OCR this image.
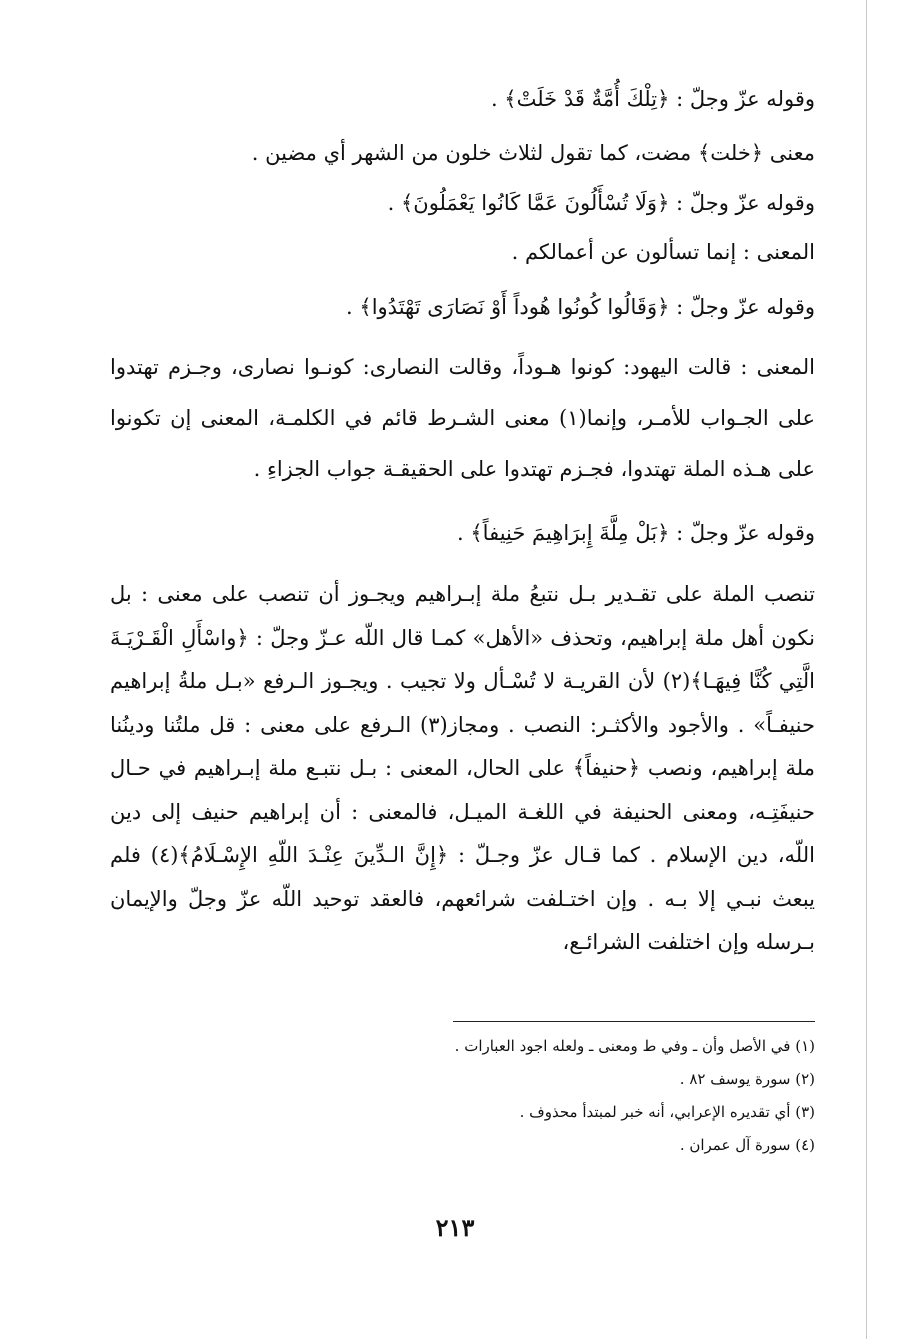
وقوله عزّ وجلّ : ﴿تِلْكَ أُمَّةٌ قَدْ خَلَتْ﴾ .
معنى ﴿خلت﴾ مضت، كما تقول لثلاث خلون من الشهر أي مضين .
وقوله عزّ وجلّ : ﴿وَلَا تُسْأَلُونَ عَمَّا كَانُوا يَعْمَلُونَ﴾ .
المعنى : إنما تسألون عن أعمالكم .
وقوله عزّ وجلّ : ﴿وَقَالُوا كُونُوا هُوداً أَوْ نَصَارَى تَهْتَدُوا﴾ .

المعنى : قالت اليهود: كونوا هـوداً، وقالت النصارى: كونـوا نصارى، وجـزم تهتدوا على الجـواب للأمـر، وإنما(١) معنى الشـرط قائم في الكلمـة، المعنى إن تكونوا على هـذه الملة تهتدوا، فجـزم تهتدوا على الحقيقـة جواب الجزاءِ .

وقوله عزّ وجلّ : ﴿بَلْ مِلَّةَ إِبرَاهِيمَ حَنِيفاً﴾ .

تنصب الملة على تقـدير بـل نتبعُ ملة إبـراهيم ويجـوز أن تنصب على معنى : بل نكون أهل ملة إبراهيم، وتحذف «الأهل» كمـا قال اللّه عـزّ وجلّ : ﴿واسْأَلِ الْقَـرْيَـةَ الَّتِي كُنَّا فِيهَـا﴾(٢) لأن القريـة لا تُسْـأل ولا تجيب . ويجـوز الـرفع «بـل ملةُ إبراهيم حنيفـاً» . والأجود والأكثـر: النصب . ومجاز(٣) الـرفع على معنى : قل ملتُنا ودينُنا ملة إبراهيم، ونصب ﴿حنيفاً﴾ على الحال، المعنى : بـل نتبـع ملة إبـراهيم في حـال حنيفَتِـه، ومعنى الحنيفة في اللغـة الميـل، فالمعنى : أن إبراهيم حنيف إلى دين اللّه، دين الإسلام . كما قـال عزّ وجـلّ : ﴿إِنَّ الـدِّينَ عِنْـدَ اللّهِ الإِسْـلَامُ﴾(٤) فلم يبعث نبـي إلا بـه . وإن اختـلفت شرائعهم، فالعقد توحيد اللّه عزّ وجلّ والإيمان بـرسله وإن اختلفت الشرائـع،

(١) في الأصل وأن ـ وفي ط ومعنى ـ ولعله اجود العبارات .
(٢) سورة يوسف ٨٢ .
(٣) أي تقديره الإعرابي، أنه خبر لمبتدأ محذوف .
(٤) سورة آل عمران .
٢١٣
